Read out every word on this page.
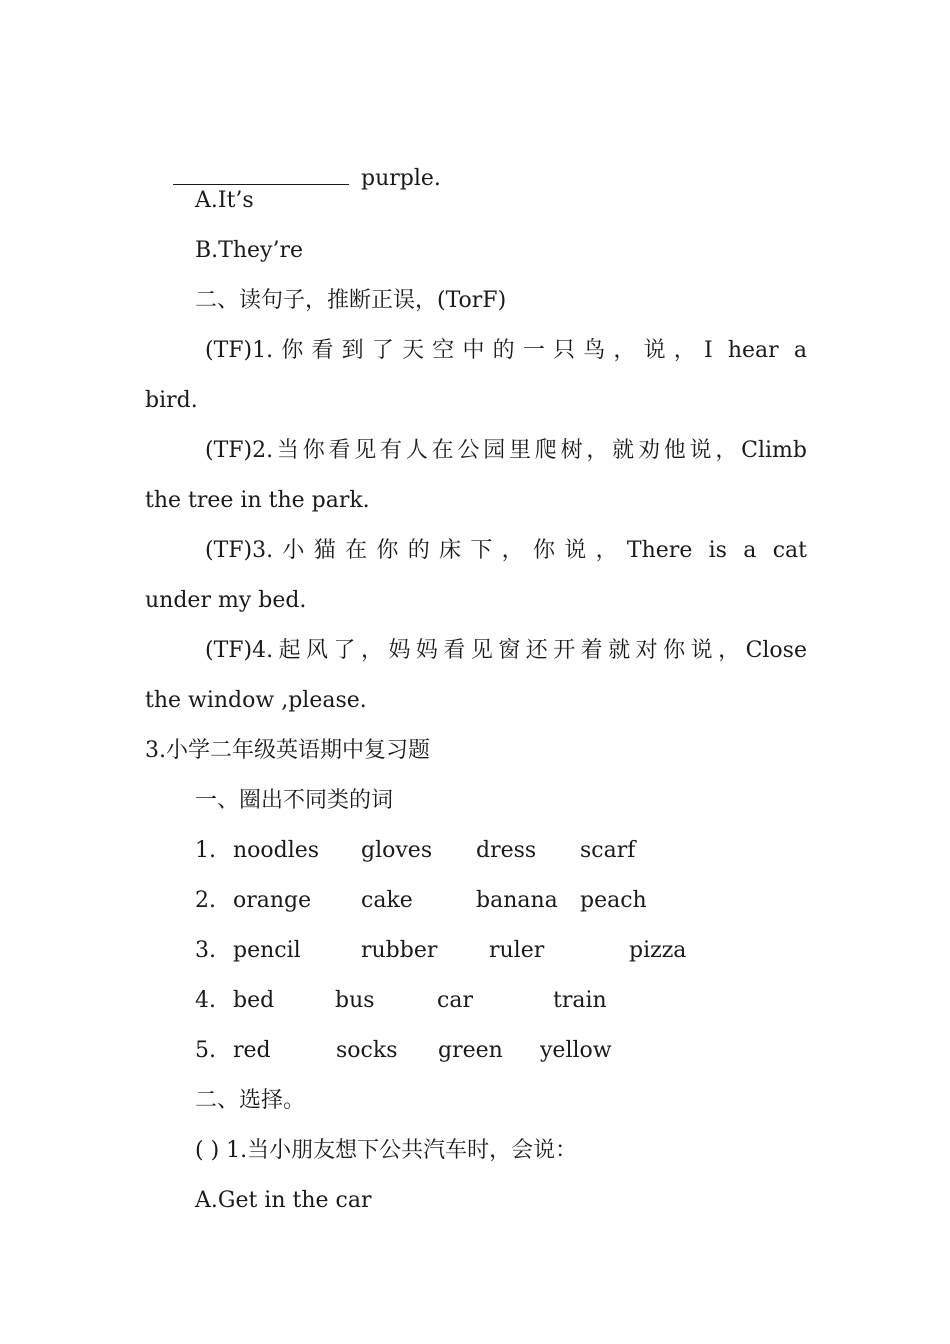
purple.

A.It’s
B.They’re
二、读句子，推断正误，(TorF)
(TF)1.你看到了天空中的一只鸟，说，I hear a
bird.
(TF)2.当你看见有人在公园里爬树，就劝他说，Climb
the tree in the park.
(TF)3.小猫在你的床下，你说，There is a cat
under my bed.
(TF)4.起风了，妈妈看见窗还开着就对你说，Close
the window ,please.
3.小学二年级英语期中复习题
一、圈出不同类的词
1. noodles	gloves	dress	scarf
2. orange	cake	banana	peach
3. pencil	rubber	ruler	pizza
4. bed	bus	car	train
5. red	socks	green	yellow
二、选择。
( ) 1.当小朋友想下公共汽车时，会说：
A.Get in the car
